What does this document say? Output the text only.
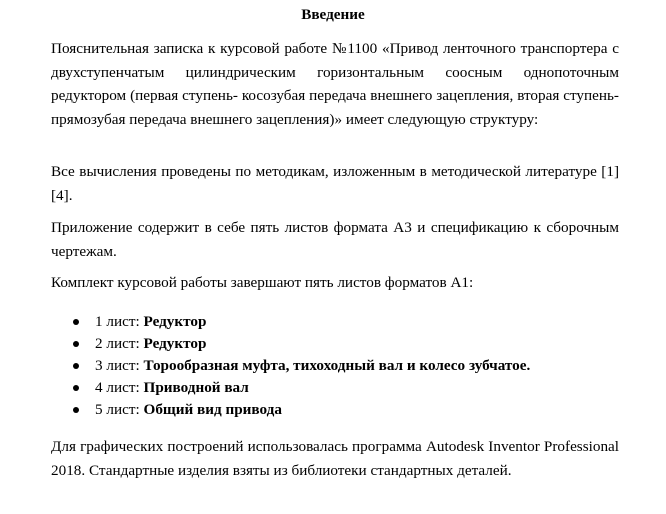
Введение

Пояснительная записка к курсовой работе №1100 «Привод ленточного транспортера с двухступенчатым цилиндрическим горизонтальным соосным однопоточным редуктором (первая ступень- косозубая передача внешнего зацепления, вторая ступень- прямозубая передача внешнего зацепления)» имеет следующую структуру:

Все вычисления проведены по методикам, изложенным в методической литературе [1][4].

Приложение содержит в себе пять листов формата А3 и спецификацию к сборочным чертежам.

Комплект курсовой работы завершают пять листов форматов А1:

1 лист: Редуктор
2 лист: Редуктор
3 лист: Торообразная муфта, тихоходный вал и колесо зубчатое.
4 лист: Приводной вал
5 лист: Общий вид привода

Для графических построений использовалась программа Autodesk Inventor Professional 2018. Стандартные изделия взяты из библиотеки стандартных деталей.
